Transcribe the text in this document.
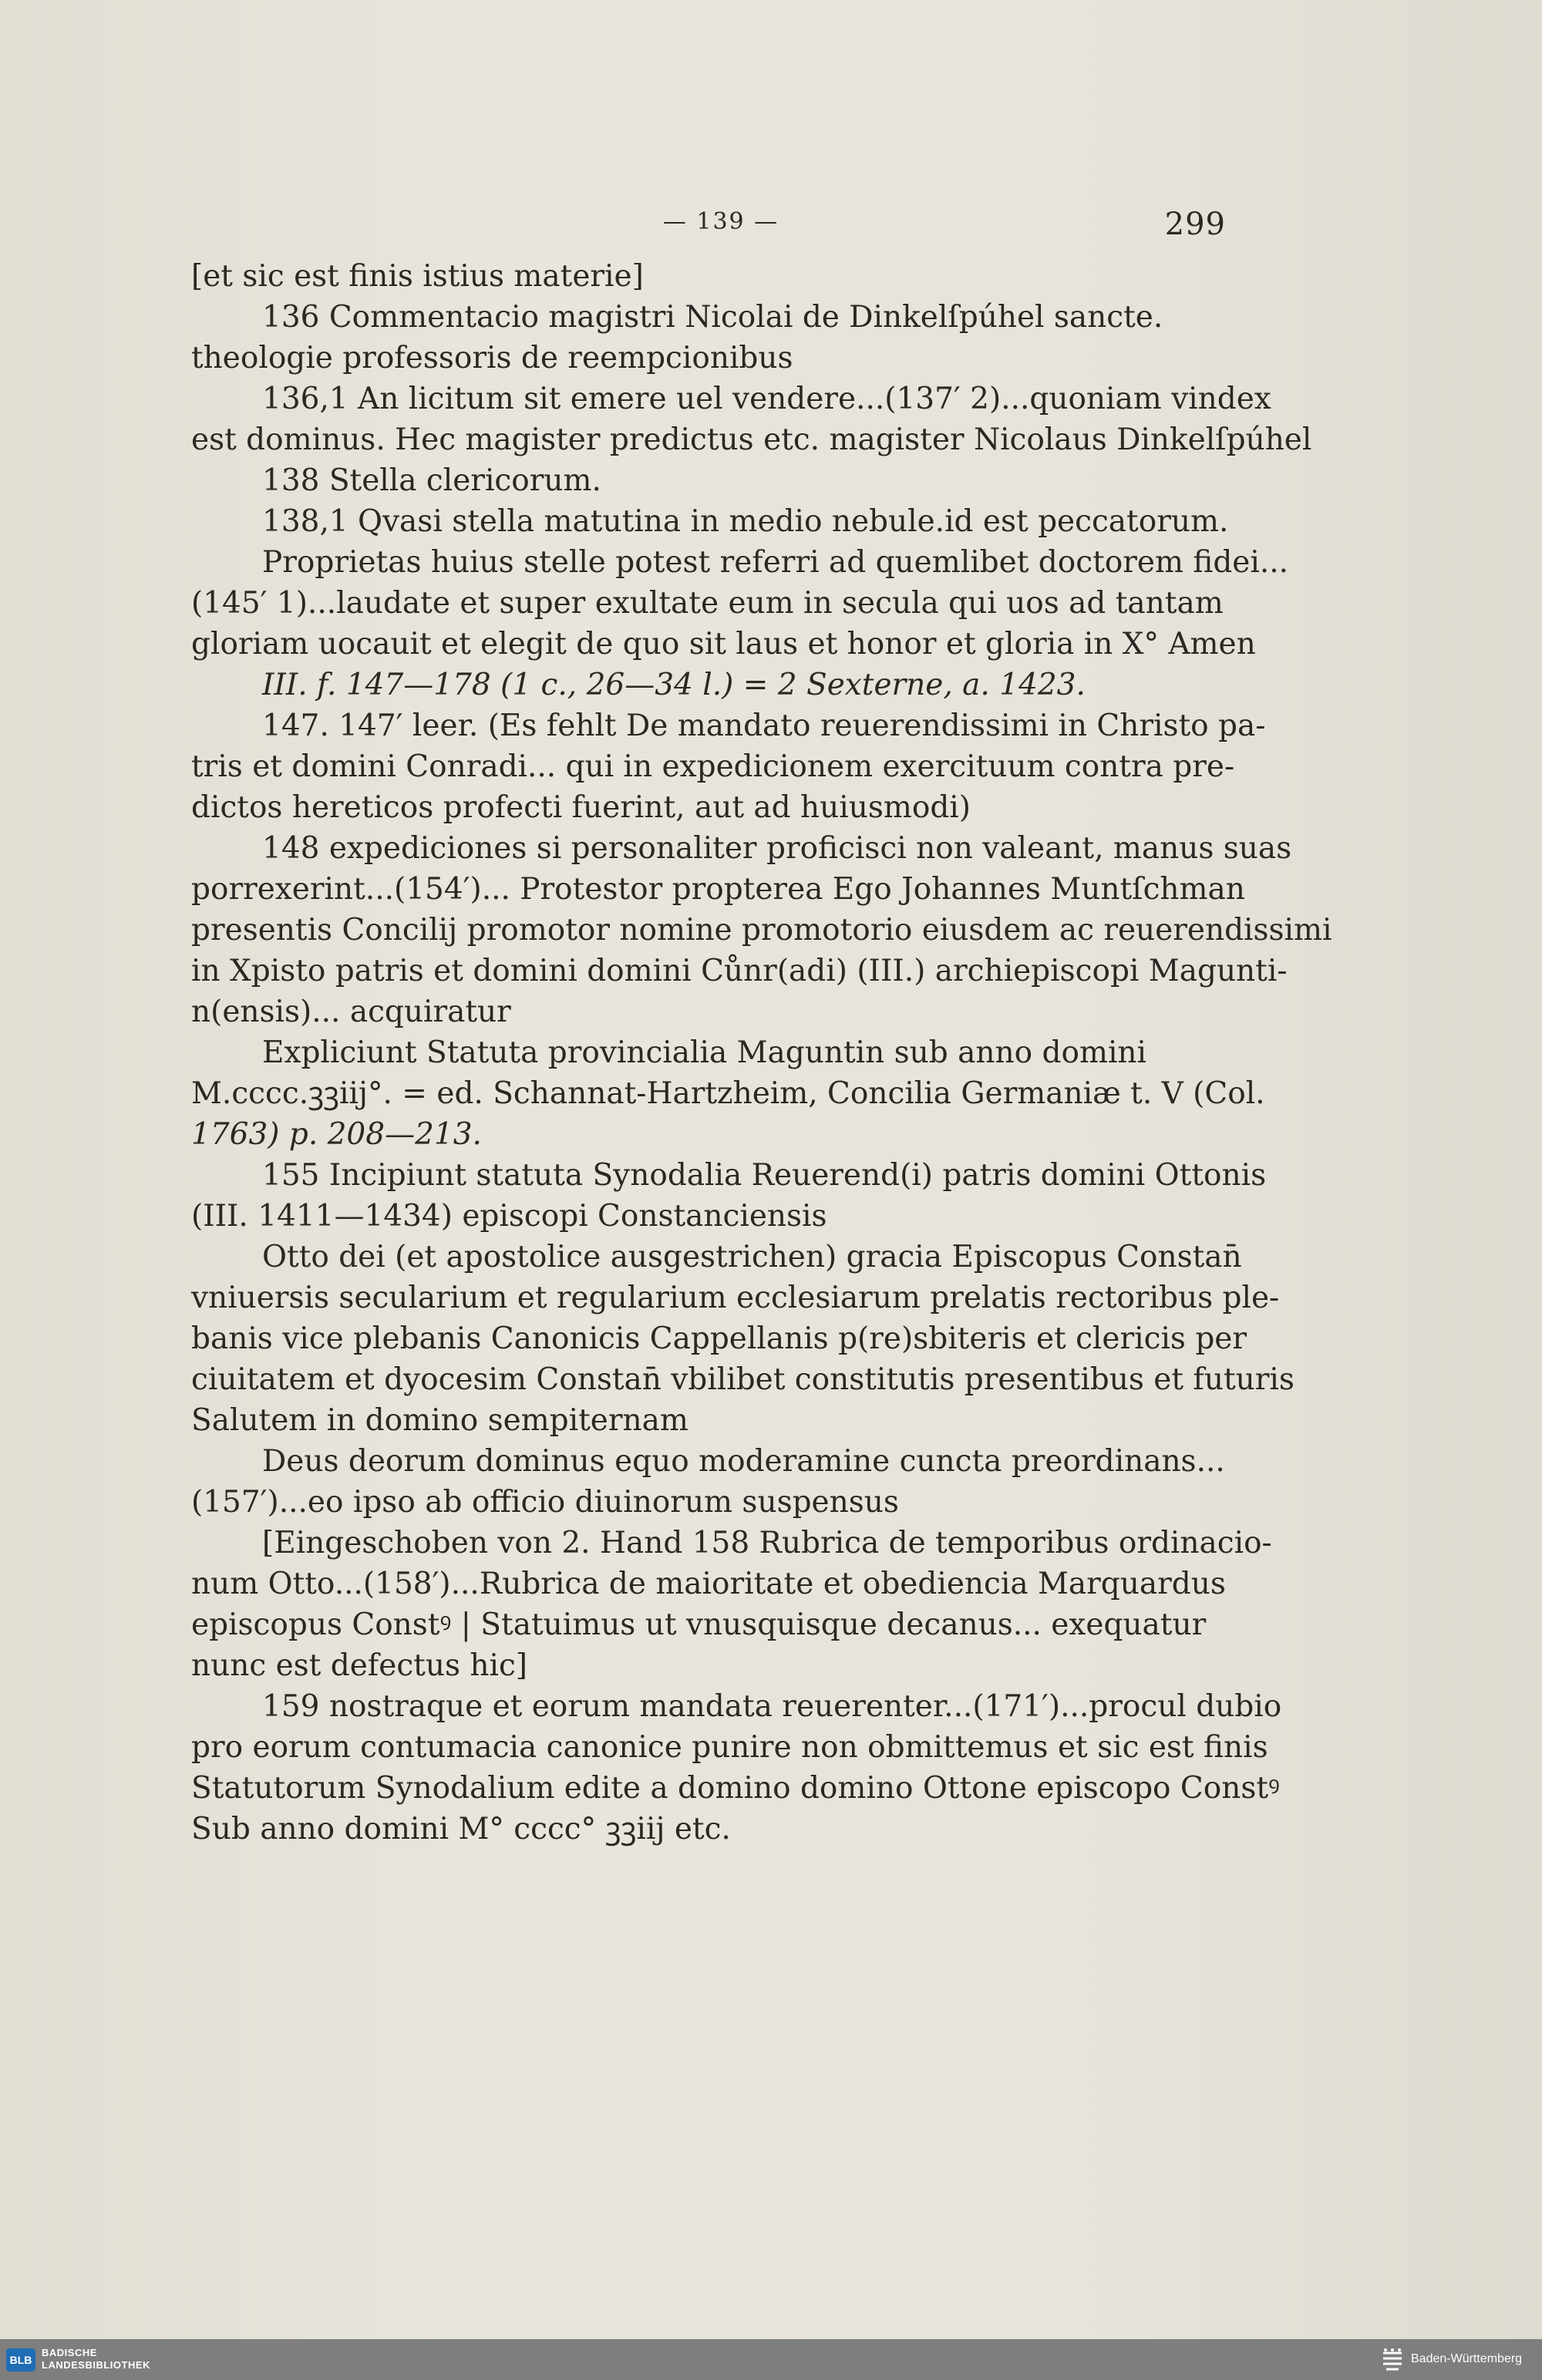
— 139 —	299
[et sic est finis istius materie]
136 Commentacio magistri Nicolai de Dinkelſpúhel sancte.
theologie professoris de reempcionibus
136,1 An licitum sit emere uel vendere...(137′ 2)...quoniam vindex
est dominus. Hec magister predictus etc. magister Nicolaus Dinkelſpúhel
138 Stella clericorum.
138,1 Qvasi stella matutina in medio nebule.id est peccatorum.
Proprietas huius stelle potest referri ad quemlibet doctorem fidei...
(145′ 1)...laudate et super exultate eum in secula qui uos ad tantam
gloriam uocauit et elegit de quo sit laus et honor et gloria in X° Amen
III. f. 147—178 (1 c., 26—34 l.) = 2 Sexterne, a. 1423.
147. 147′ leer. (Es fehlt De mandato reuerendissimi in Christo pa-
tris et domini Conradi... qui in expedicionem exercituum contra pre-
dictos hereticos profecti fuerint, aut ad huiusmodi)
148 expediciones si personaliter proficisci non valeant, manus suas
porrexerint...(154′)... Protestor propterea Ego Johannes Muntſchman
presentis Concilij promotor nomine promotorio eiusdem ac reuerendissimi
in Xpisto patris et domini domini Cůnr(adi) (III.) archiepiscopi Magunti-
n(ensis)... acquiratur
Expliciunt Statuta provincialia Maguntin sub anno domini
M.cccc.ꝫꝫiij°. = ed. Schannat-Hartzheim, Concilia Germaniæ t. V (Col.
1763) p. 208—213.
155 Incipiunt statuta Synodalia Reuerend(i) patris domini Ottonis
(III. 1411—1434) episcopi Constanciensis
Otto dei (et apostolice ausgestrichen) gracia Episcopus Constan̄
vniuersis secularium et regularium ecclesiarum prelatis rectoribus ple-
banis vice plebanis Canonicis Cappellanis p(re)sbiteris et clericis per
ciuitatem et dyocesim Constan̄ vbilibet constitutis presentibus et futuris
Salutem in domino sempiternam
Deus deorum dominus equo moderamine cuncta preordinans...
(157′)...eo ipso ab officio diuinorum suspensus
[Eingeschoben von 2. Hand 158 Rubrica de temporibus ordinacio-
num Otto...(158′)...Rubrica de maioritate et obediencia Marquardus
episcopus Constꝰ | Statuimus ut vnusquisque decanus... exequatur
nunc est defectus hic]
159 nostraque et eorum mandata reuerenter...(171′)...procul dubio
pro eorum contumacia canonice punire non obmittemus et sic est finis
Statutorum Synodalium edite a domino domino Ottone episcopo Constꝰ
Sub anno domini M° cccc° ꝫꝫiij etc.
BLB
BADISCHE
LANDESBIBLIOTHEK	Baden-Württemberg
